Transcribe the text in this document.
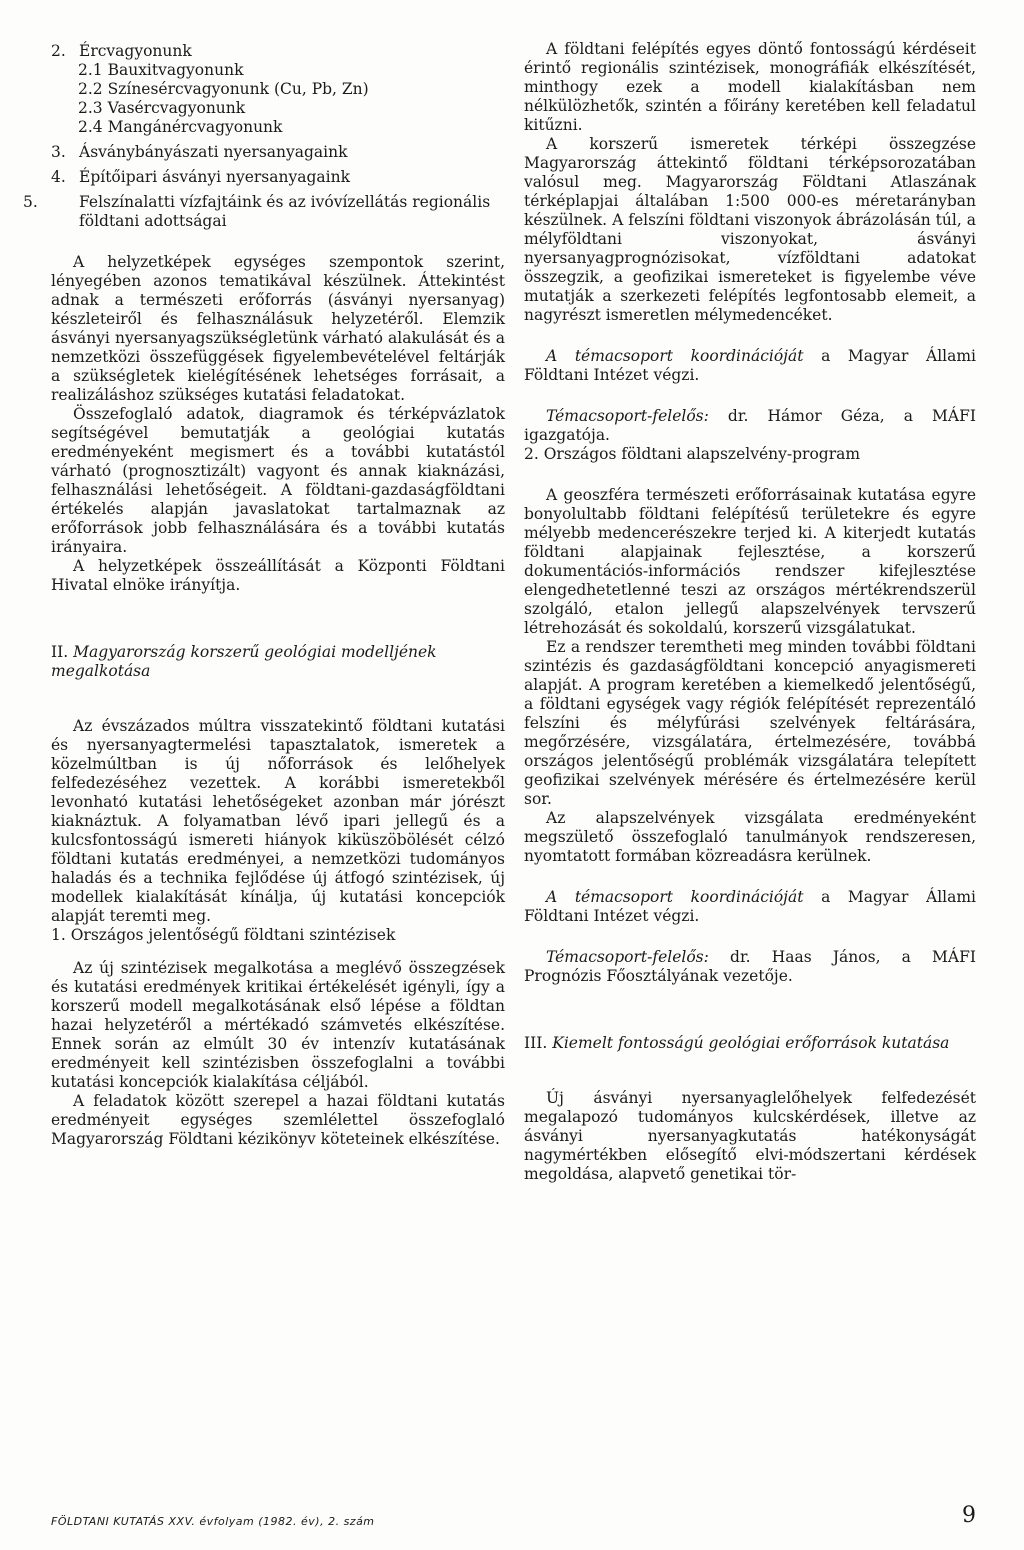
2. Ércvagyonunk
2.1 Bauxitvagyonunk
2.2 Színesércvagyonunk (Cu, Pb, Zn)
2.3 Vasércvagyonunk
2.4 Mangánércvagyonunk
3. Ásványbányászati nyersanyagaink
4. Építőipari ásványi nyersanyagaink
5.	Felszínalatti vízfajtáink és az ivóvízellátás regionális földtani adottságai

A helyzetképek egységes szempontok szerint, lényegében azonos tematikával készülnek. Áttekintést adnak a természeti erőforrás (ásványi nyersanyag) készleteiről és felhasználásuk helyzetéről. Elemzik ásványi nyersanyagszükségletünk várható alakulását és a nemzetközi összefüggések figyelembevételével feltárják a szükségletek kielégítésének lehetséges forrásait, a realizáláshoz szükséges kutatási feladatokat.

Összefoglaló adatok, diagramok és térképvázlatok segítségével bemutatják a geológiai kutatás eredményeként megismert és a további kutatástól várható (prognosztizált) vagyont és annak kiaknázási, felhasználási lehetőségeit. A földtani-gazdaságföldtani értékelés alapján javaslatokat tartalmaznak az erőforrások jobb felhasználására és a további kutatás irányaira.

A helyzetképek összeállítását a Központi Földtani Hivatal elnöke irányítja.

II. Magyarország korszerű geológiai modelljének megalkotása

Az évszázados múltra visszatekintő földtani kutatási és nyersanyagtermelési tapasztalatok, ismeretek a közelmúltban is új nőforrások és lelőhelyek felfedezéséhez vezettek. A korábbi ismeretekből levonható kutatási lehetőségeket azonban már jórészt kiaknáztuk. A folyamatban lévő ipari jellegű és a kulcsfontosságú ismereti hiányok kiküszöbölését célzó földtani kutatás eredményei, a nemzetközi tudományos haladás és a technika fejlődése új átfogó szintézisek, új modellek kialakítását kínálja, új kutatási koncepciók alapját teremti meg.

1. Országos jelentőségű földtani szintézisek

Az új szintézisek megalkotása a meglévő összegzések és kutatási eredmények kritikai értékelését igényli, így a korszerű modell megalkotásának első lépése a földtan hazai helyzetéről a mértékadó számvetés elkészítése. Ennek során az elmúlt 30 év intenzív kutatásának eredményeit kell szintézisben összefoglalni a további kutatási koncepciók kialakítása céljából.

A feladatok között szerepel a hazai földtani kutatás eredményeit egységes szemlélettel összefoglaló Magyarország Földtani kézikönyv köteteinek elkészítése.

A földtani felépítés egyes döntő fontosságú kérdéseit érintő regionális szintézisek, monográfiák elkészítését, minthogy ezek a modell kialakításban nem nélkülözhetők, szintén a főirány keretében kell feladatul kitűzni.

A korszerű ismeretek térképi összegzése Magyarország áttekintő földtani térképsorozatában valósul meg. Magyarország Földtani Atlaszának térképlapjai általában 1:500 000-es méretarányban készülnek. A felszíni földtani viszonyok ábrázolásán túl, a mélyföldtani viszonyokat, ásványi nyersanyagprognózisokat, vízföldtani adatokat összegzik, a geofizikai ismereteket is figyelembe véve mutatják a szerkezeti felépítés legfontosabb elemeit, a nagyrészt ismeretlen mélymedencéket.

A témacsoport koordinációját a Magyar Állami Földtani Intézet végzi.

Témacsoport-felelős: dr. Hámor Géza, a MÁFI igazgatója.

2. Országos földtani alapszelvény-program

A geoszféra természeti erőforrásainak kutatása egyre bonyolultabb földtani felépítésű területekre és egyre mélyebb medencerészekre terjed ki. A kiterjedt kutatás földtani alapjainak fejlesztése, a korszerű dokumentációs-információs rendszer kifejlesztése elengedhetetlenné teszi az országos mértékrendszerül szolgáló, etalon jellegű alapszelvények tervszerű létrehozását és sokoldalú, korszerű vizsgálatukat.

Ez a rendszer teremtheti meg minden további földtani szintézis és gazdaságföldtani koncepció anyagismereti alapját. A program keretében a kiemelkedő jelentőségű, a földtani egységek vagy régiók felépítését reprezentáló felszíni és mélyfúrási szelvények feltárására, megőrzésére, vizsgálatára, értelmezésére, továbbá országos jelentőségű problémák vizsgálatára telepített geofizikai szelvények mérésére és értelmezésére kerül sor.

Az alapszelvények vizsgálata eredményeként megszülető összefoglaló tanulmányok rendszeresen, nyomtatott formában közreadásra kerülnek.

A témacsoport koordinációját a Magyar Állami Földtani Intézet végzi.

Témacsoport-felelős: dr. Haas János, a MÁFI Prognózis Főosztályának vezetője.

III. Kiemelt fontosságú geológiai erőforrások kutatása

Új ásványi nyersanyaglelőhelyek felfedezését megalapozó tudományos kulcskérdések, illetve az ásványi nyersanyagkutatás hatékonyságát nagymértékben elősegítő elvi-módszertani kérdések megoldása, alapvető genetikai tör-

FÖLDTANI KUTATÁS XXV. évfolyam (1982. év), 2. szám	9
